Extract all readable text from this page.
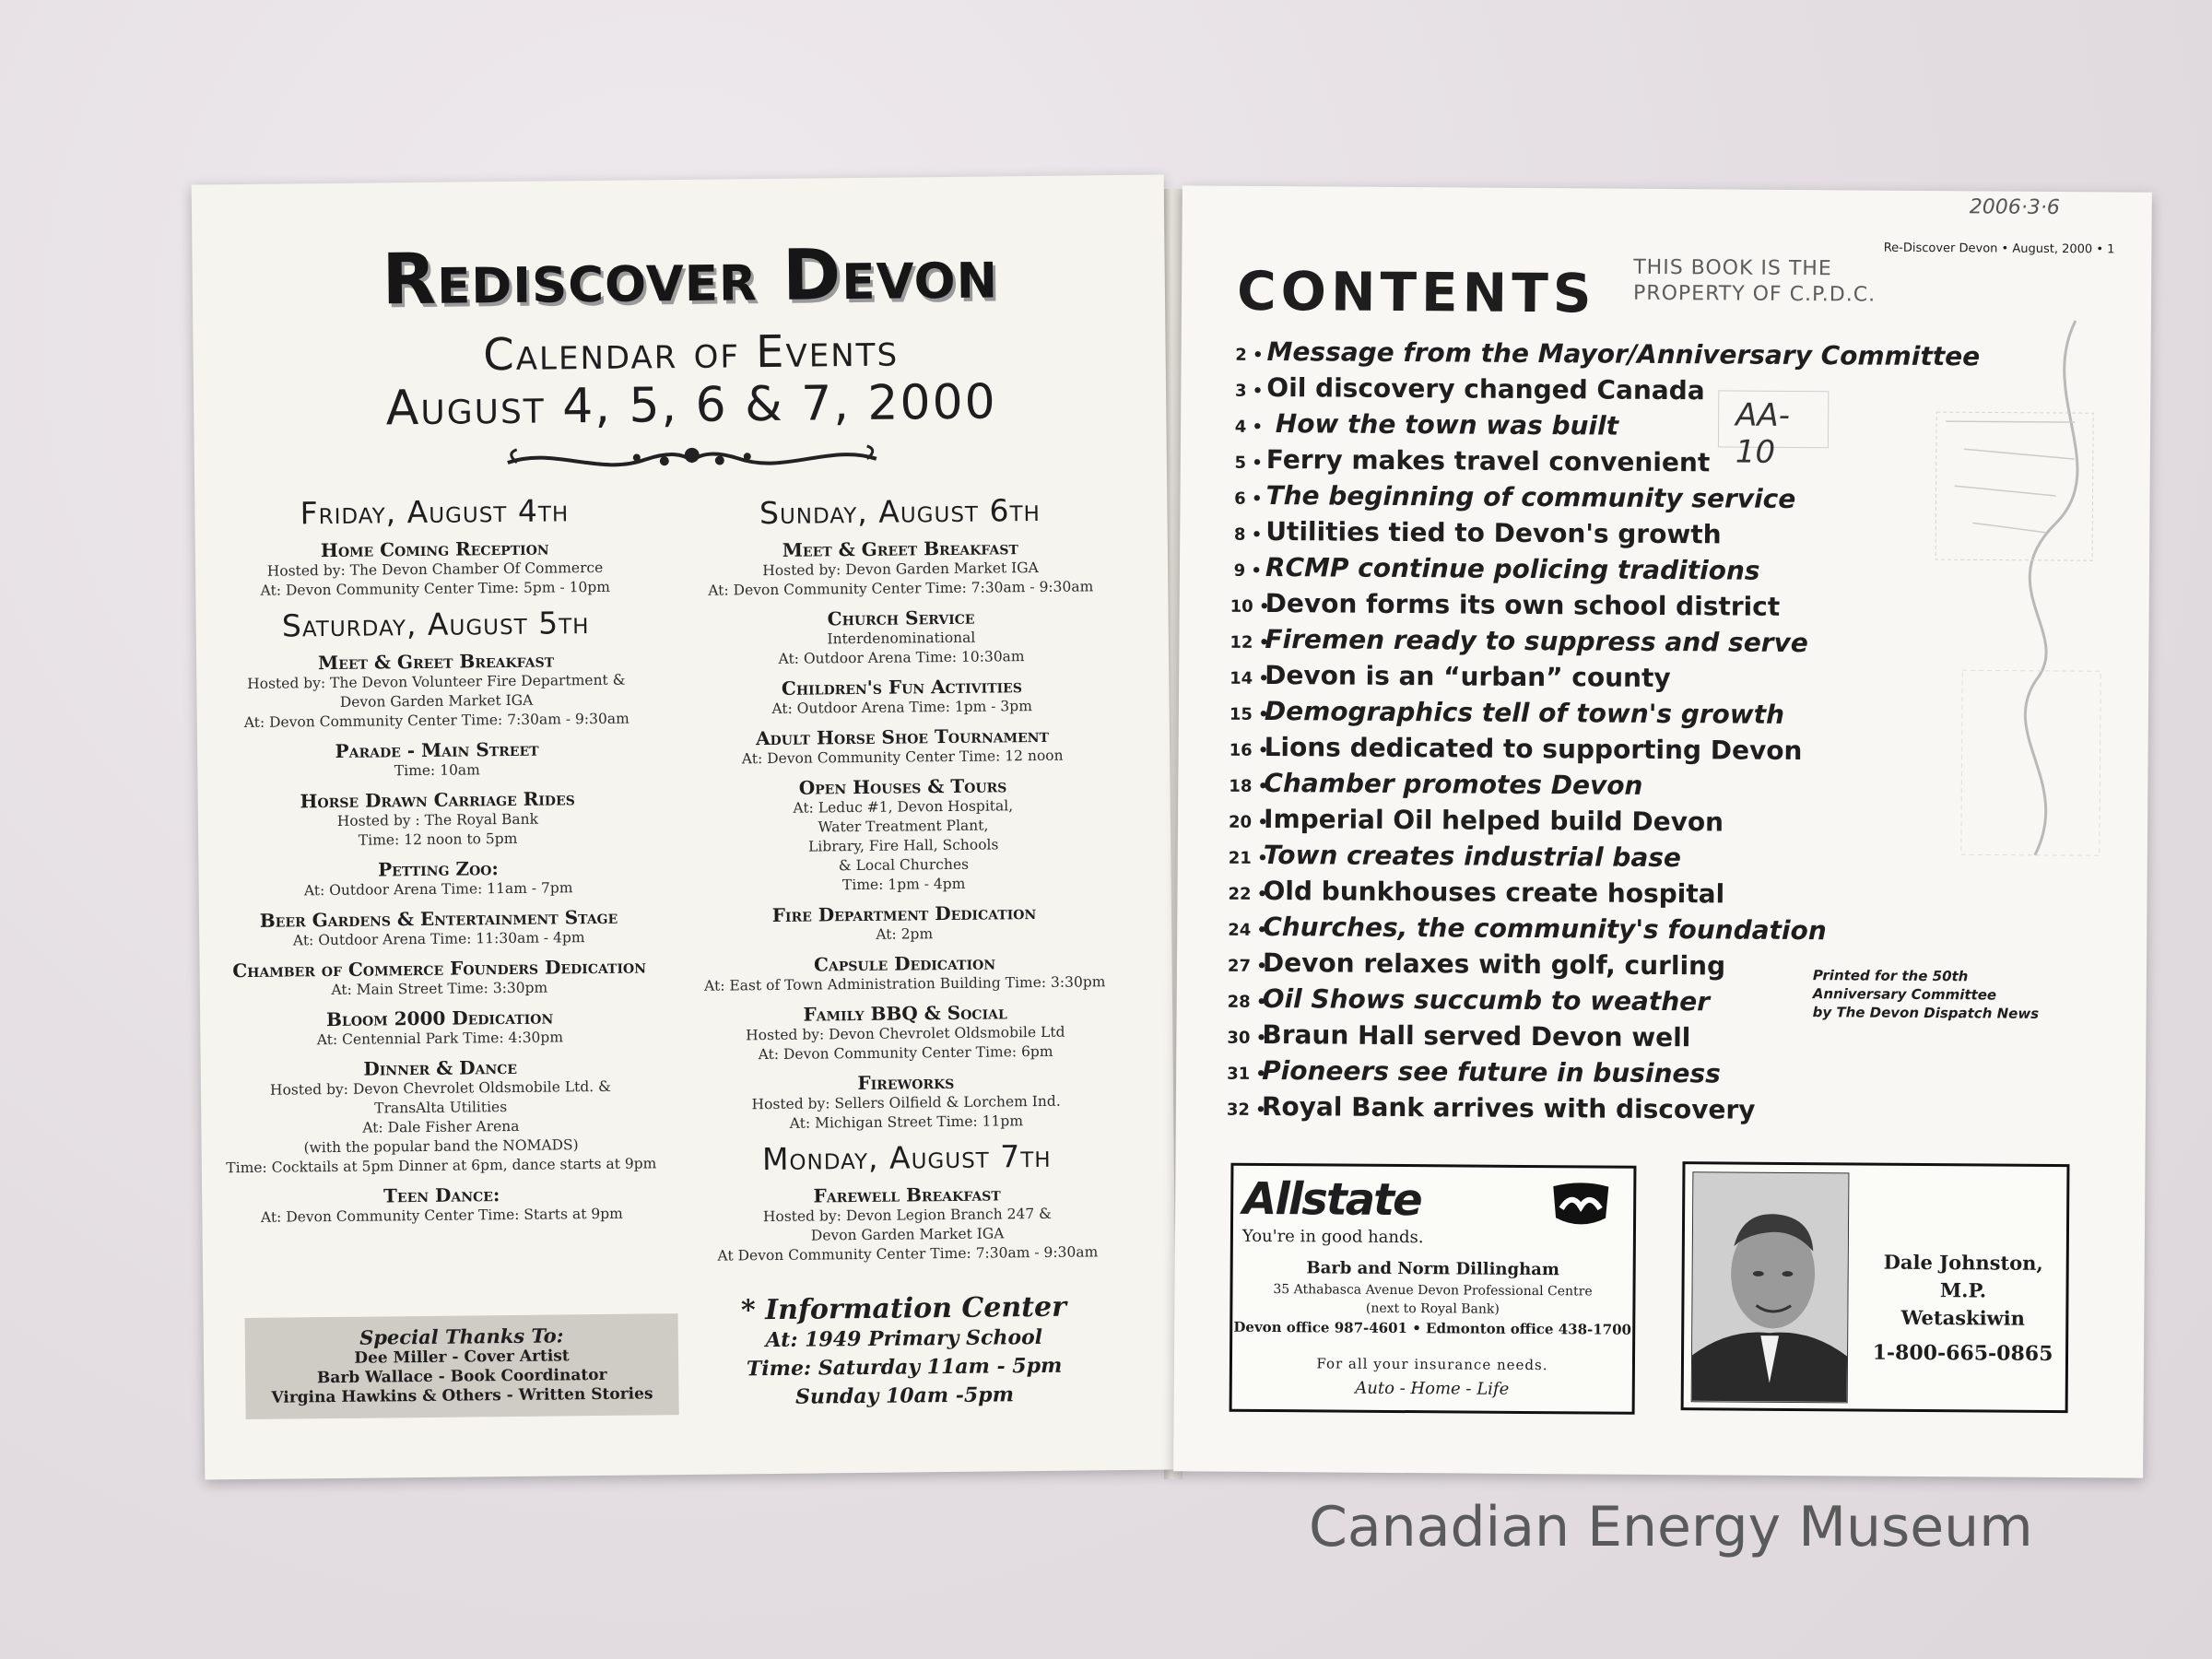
Rediscover Devon
Calendar of Events
August 4, 5, 6 & 7, 2000
Friday, August 4th
Home Coming Reception
Hosted by: The Devon Chamber Of Commerce
At: Devon Community Center Time: 5pm - 10pm
Saturday, August 5th
Meet & Greet Breakfast
Hosted by: The Devon Volunteer Fire Department &
Devon Garden Market IGA
At: Devon Community Center Time: 7:30am - 9:30am
Parade - Main Street
Time: 10am
Horse Drawn Carriage Rides
Hosted by : The Royal Bank
Time: 12 noon to 5pm
Petting Zoo:
At: Outdoor Arena Time: 11am - 7pm
Beer Gardens & Entertainment Stage
At: Outdoor Arena Time: 11:30am - 4pm
Chamber of Commerce Founders Dedication
At: Main Street Time: 3:30pm
Bloom 2000 Dedication
At: Centennial Park Time: 4:30pm
Dinner & Dance
Hosted by: Devon Chevrolet Oldsmobile Ltd. &
TransAlta Utilities
At: Dale Fisher Arena
(with the popular band the NOMADS)
Time: Cocktails at 5pm Dinner at 6pm, dance starts at 9pm
Teen Dance:
At: Devon Community Center Time: Starts at 9pm
Sunday, August 6th
Meet & Greet Breakfast
Hosted by: Devon Garden Market IGA
At: Devon Community Center Time: 7:30am - 9:30am
Church Service
Interdenominational
At: Outdoor Arena Time: 10:30am
Children's Fun Activities
At: Outdoor Arena Time: 1pm - 3pm
Adult Horse Shoe Tournament
At: Devon Community Center Time: 12 noon
Open Houses & Tours
At: Leduc #1, Devon Hospital,
Water Treatment Plant,
Library, Fire Hall, Schools
& Local Churches
Time: 1pm - 4pm
Fire Department Dedication
At: 2pm
Capsule Dedication
At: East of Town Administration Building Time: 3:30pm
Family BBQ & Social
Hosted by: Devon Chevrolet Oldsmobile Ltd
At: Devon Community Center Time: 6pm
Fireworks
Hosted by: Sellers Oilfield & Lorchem Ind.
At: Michigan Street Time: 11pm
Monday, August 7th
Farewell Breakfast
Hosted by: Devon Legion Branch 247 &
Devon Garden Market IGA
At Devon Community Center Time: 7:30am - 9:30am
Special Thanks To:
Dee Miller - Cover Artist
Barb Wallace - Book Coordinator
Virgina Hawkins & Others - Written Stories
* Information Center
At: 1949 Primary School
Time: Saturday 11am - 5pm
Sunday 10am -5pm
2006·3·6
Re-Discover Devon • August, 2000 • 1
CONTENTS THIS BOOK IS THE
PROPERTY OF C.P.D.C.
AA-10
2 • Message from the Mayor/Anniversary Committee
3 • Oil discovery changed Canada
4 • How the town was built
5 • Ferry makes travel convenient
6 • The beginning of community service
8 • Utilities tied to Devon's growth
9 • RCMP continue policing traditions
10 •Devon forms its own school district
12 •Firemen ready to suppress and serve
14 •Devon is an “urban” county
15 •Demographics tell of town's growth
16 •Lions dedicated to supporting Devon
18 •Chamber promotes Devon
20 •Imperial Oil helped build Devon
21 •Town creates industrial base
22 •Old bunkhouses create hospital
24 •Churches, the community's foundation
27 •Devon relaxes with golf, curling
28 •Oil Shows succumb to weather
30 •Braun Hall served Devon well
31 •Pioneers see future in business
32 •Royal Bank arrives with discovery
Printed for the 50th
Anniversary Committee
by The Devon Dispatch News
Allstate
You're in good hands.
Barb and Norm Dillingham
35 Athabasca Avenue Devon Professional Centre
(next to Royal Bank)
Devon office 987-4601 • Edmonton office 438-1700
For all your insurance needs.
Auto - Home - Life
Dale Johnston, M.P.
Wetaskiwin
1-800-665-0865
Canadian Energy Museum
